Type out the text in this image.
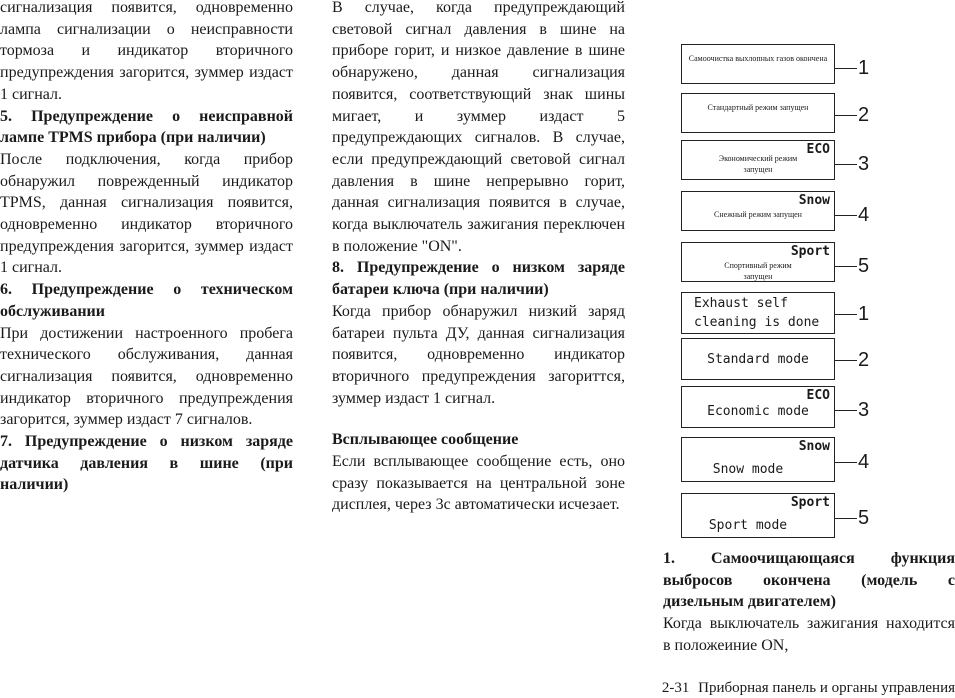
сигнализация появится, одновременно лампа сигнализации о неисправности тормоза и индикатор вторичного предупреждения загорится, зуммер издаст 1 сигнал.

5. Предупреждение о неисправной лампе TPMS прибора (при наличии)

После подключения, когда прибор обнаружил поврежденный индикатор TPMS, данная сигнализация появится, одновременно индикатор вторичного предупреждения загорится, зуммер издаст 1 сигнал.

6. Предупреждение о техническом обслуживании

При достижении настроенного пробега технического обслуживания, данная сигнализация появится, одновременно индикатор вторичного предупреждения загорится, зуммер издаст 7 сигналов.

7. Предупреждение о низком заряде датчика давления в шине (при наличии)

В случае, когда предупреждающий световой сигнал давления в шине на приборе горит, и низкое давление в шине обнаружено, данная сигнализация появится, соответствующий знак шины мигает, и зуммер издаст 5 предупреждающих сигналов. В случае, если предупреждающий световой сигнал давления в шине непрерывно горит, данная сигнализация появится в случае, когда выключатель зажигания переключен в положение "ON".

8. Предупреждение о низком заряде батареи ключа (при наличии)

Когда прибор обнаружил низкий заряд батареи пульта ДУ, данная сигнализация появится, одновременно индикатор вторичного предупреждения загориттся, зуммер издаст 1 сигнал.

Всплывающее сообщение

Если всплывающее сообщение есть, оно сразу показывается на центральной зоне дисплея, через 3с автоматически исчезает.

Самоочистка выхлопных газов окончена	1
Стандартный режим запущен	2
ECO
Экономический режим запущен	3
Snow
Снежный режим запущен	4
Sport
Спортивный режим запущен	5
Exhaust self
cleaning is done	1
Standard mode	2
ECO
Economic mode	3
Snow
Snow mode	4
Sport
Sport mode	5

1. Самоочищающаяся функция выбросов окончена (модель с дизельным двигателем)

Когда выключатель зажигания находится в положеиние ON,

2-31 Приборная панель и органы управления
